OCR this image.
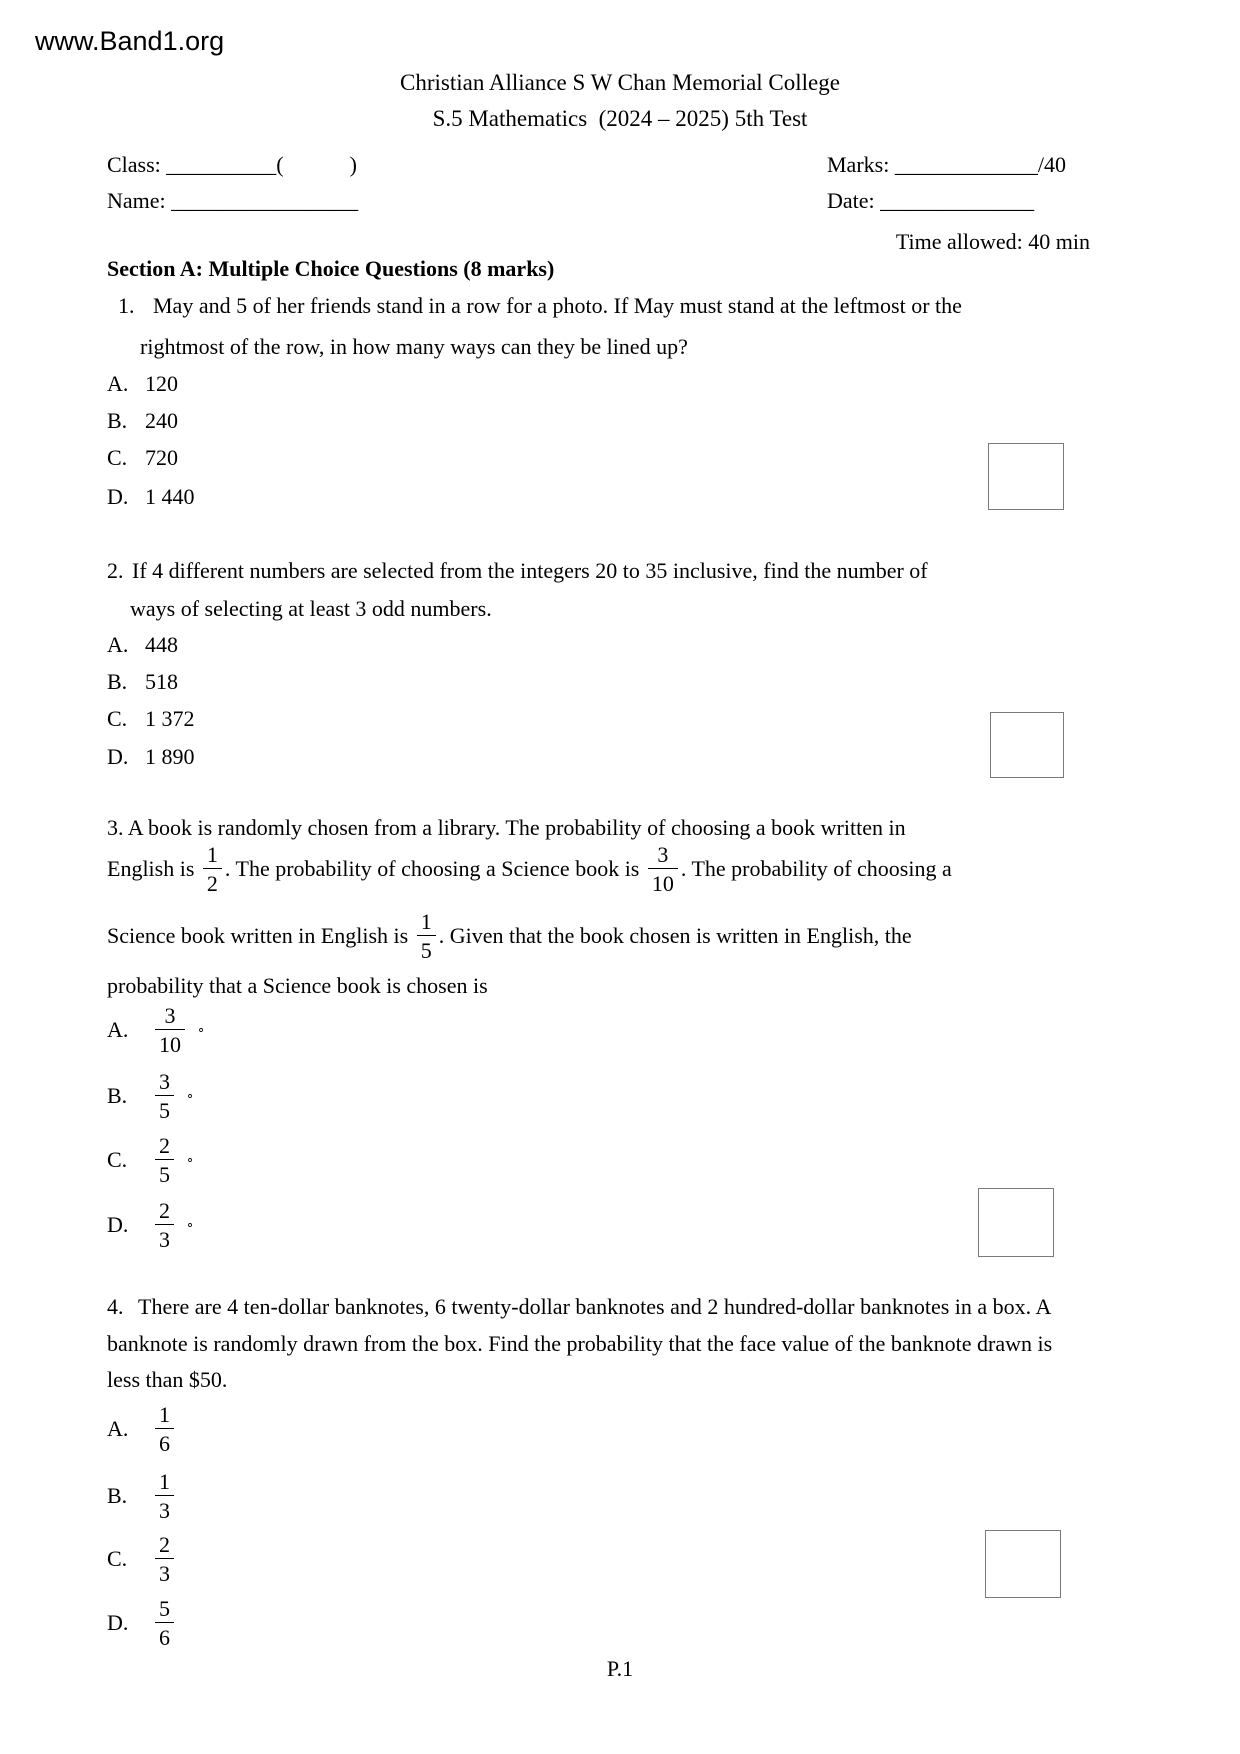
www.Band1.org
Christian Alliance S W Chan Memorial College
S.5 Mathematics  (2024 – 2025) 5th Test
Class: __________(            )	Marks: _____________/40
Name: _________________	Date: ______________
Time allowed: 40 min
Section A: Multiple Choice Questions (8 marks)
1. May and 5 of her friends stand in a row for a photo. If May must stand at the leftmost or the
rightmost of the row, in how many ways can they be lined up?
A. 120
B. 240
C. 720
D. 1 440
2. If 4 different numbers are selected from the integers 20 to 35 inclusive, find the number of
ways of selecting at least 3 odd numbers.
A. 448
B. 518
C. 1 372
D. 1 890
3. A book is randomly chosen from a library. The probability of choosing a book written in
English is $\frac{1}{2}$ . The probability of choosing a Science book is $\frac{3}{10}$ . The probability of choosing a
Science book written in English is $\frac{1}{5}$ . Given that the book chosen is written in English, the
probability that a Science book is chosen is
A.	$\frac{3}{10}$ ∘
B.	$\frac{3}{5}$ ∘
C.	$\frac{2}{5}$ ∘
D.	$\frac{2}{3}$ ∘
4. There are 4 ten-dollar banknotes, 6 twenty-dollar banknotes and 2 hundred-dollar banknotes in a box. A
banknote is randomly drawn from the box. Find the probability that the face value of the banknote drawn is
less than $50.
A.	$\frac{1}{6}$
B.	$\frac{1}{3}$
C.	$\frac{2}{3}$
D.	$\frac{5}{6}$
P.1
